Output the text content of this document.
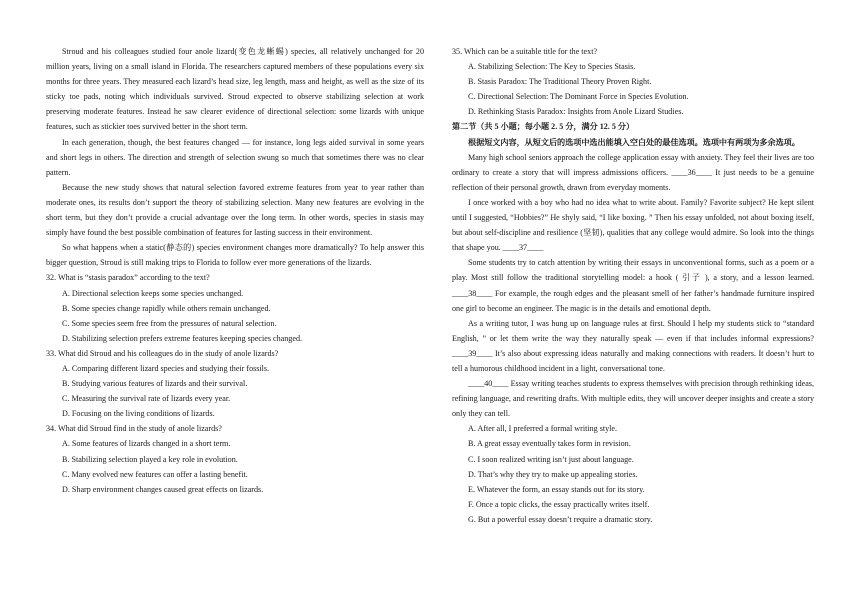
Stroud and his colleagues studied four anole lizard(变色龙蜥蜴) species, all relatively unchanged for 20 million years, living on a small island in Florida. The researchers captured members of these populations every six months for three years. They measured each lizard’s head size, leg length, mass and height, as well as the size of its sticky toe pads, noting which individuals survived. Stroud expected to observe stabilizing selection at work preserving moderate features. Instead he saw clearer evidence of directional selection: some lizards with unique features, such as stickier toes survived better in the short term.

In each generation, though, the best features changed — for instance, long legs aided survival in some years and short legs in others. The direction and strength of selection swung so much that sometimes there was no clear pattern.

Because the new study shows that natural selection favored extreme features from year to year rather than moderate ones, its results don’t support the theory of stabilizing selection. Many new features are evolving in the short term, but they don’t provide a crucial advantage over the long term. In other words, species in stasis may simply have found the best possible combination of features for lasting success in their environment.

So what happens when a static(静态的) species environment changes more dramatically? To help answer this bigger question, Stroud is still making trips to Florida to follow ever more generations of the lizards.

32. What is “stasis paradox” according to the text?

A. Directional selection keeps some species unchanged.

B. Some species change rapidly while others remain unchanged.

C. Some species seem free from the pressures of natural selection.

D. Stabilizing selection prefers extreme features keeping species changed.

33. What did Stroud and his colleagues do in the study of anole lizards?

A. Comparing different lizard species and studying their fossils.

B. Studying various features of lizards and their survival.

C. Measuring the survival rate of lizards every year.

D. Focusing on the living conditions of lizards.

34. What did Stroud find in the study of anole lizards?

A. Some features of lizards changed in a short term.

B. Stabilizing selection played a key role in evolution.

C. Many evolved new features can offer a lasting benefit.

D. Sharp environment changes caused great effects on lizards.

35. Which can be a suitable title for the text?

A. Stabilizing Selection: The Key to Species Stasis.

B. Stasis Paradox: The Traditional Theory Proven Right.

C. Directional Selection: The Dominant Force in Species Evolution.

D. Rethinking Stasis Paradox: Insights from Anole Lizard Studies.

第二节（共 5 小题；每小题 2. 5 分，满分 12. 5 分）

根据短文内容，从短文后的选项中选出能填入空白处的最佳选项。选项中有两项为多余选项。

Many high school seniors approach the college application essay with anxiety. They feel their lives are too ordinary to create a story that will impress admissions officers. ____36____ It just needs to be a genuine reflection of their personal growth, drawn from everyday moments.

I once worked with a boy who had no idea what to write about. Family? Favorite subject? He kept silent until I suggested, “Hobbies?” He shyly said, “I like boxing. ” Then his essay unfolded, not about boxing itself, but about self-discipline and resilience (坚韧), qualities that any college would admire. So look into the things that shape you. ____37____

Some students try to catch attention by writing their essays in unconventional forms, such as a poem or a play. Most still follow the traditional storytelling model: a hook ( 引子 ), a story, and a lesson learned. ____38____ For example, the rough edges and the pleasant smell of her father’s handmade furniture inspired one girl to become an engineer. The magic is in the details and emotional depth.

As a writing tutor, I was hung up on language rules at first. Should I help my students stick to “standard English, ” or let them write the way they naturally speak — even if that includes informal expressions? ____39____ It’s also about expressing ideas naturally and making connections with readers. It doesn’t hurt to tell a humorous childhood incident in a light, conversational tone.

____40____ Essay writing teaches students to express themselves with precision through rethinking ideas, refining language, and rewriting drafts. With multiple edits, they will uncover deeper insights and create a story only they can tell.

A. After all, I preferred a formal writing style.

B. A great essay eventually takes form in revision.

C. I soon realized writing isn’t just about language.

D. That’s why they try to make up appealing stories.

E. Whatever the form, an essay stands out for its story.

F. Once a topic clicks, the essay practically writes itself.

G. But a powerful essay doesn’t require a dramatic story.
